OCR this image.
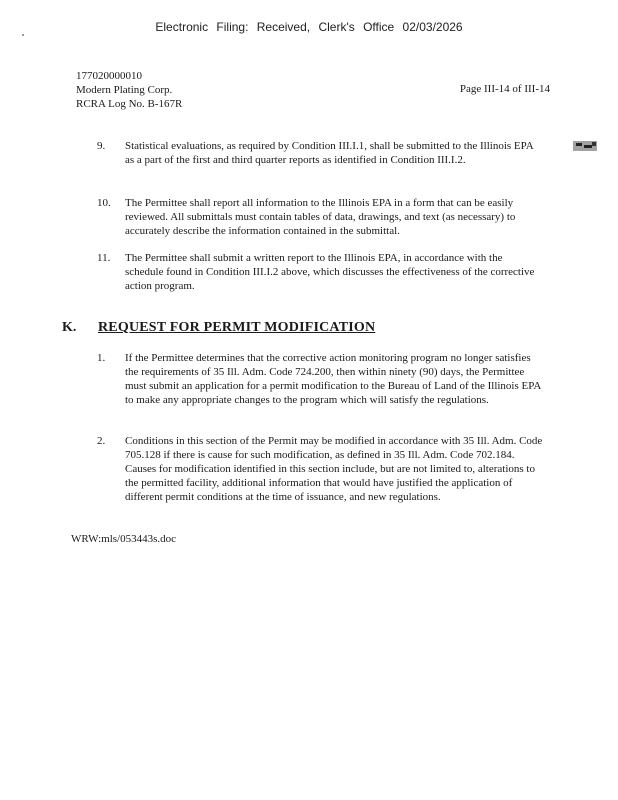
Electronic Filing: Received, Clerk's Office 02/03/2026
177020000010
Modern Plating Corp.
RCRA Log No. B-167R
Page III-14 of III-14
9.	Statistical evaluations, as required by Condition III.I.1, shall be submitted to the Illinois EPA as a part of the first and third quarter reports as identified in Condition III.I.2.
10.	The Permittee shall report all information to the Illinois EPA in a form that can be easily reviewed. All submittals must contain tables of data, drawings, and text (as necessary) to accurately describe the information contained in the submittal.
11.	The Permittee shall submit a written report to the Illinois EPA, in accordance with the schedule found in Condition III.I.2 above, which discusses the effectiveness of the corrective action program.
K.	REQUEST FOR PERMIT MODIFICATION
1.	If the Permittee determines that the corrective action monitoring program no longer satisfies the requirements of 35 Ill. Adm. Code 724.200, then within ninety (90) days, the Permittee must submit an application for a permit modification to the Bureau of Land of the Illinois EPA to make any appropriate changes to the program which will satisfy the regulations.
2.	Conditions in this section of the Permit may be modified in accordance with 35 Ill. Adm. Code 705.128 if there is cause for such modification, as defined in 35 Ill. Adm. Code 702.184. Causes for modification identified in this section include, but are not limited to, alterations to the permitted facility, additional information that would have justified the application of different permit conditions at the time of issuance, and new regulations.
WRW:mls/053443s.doc
